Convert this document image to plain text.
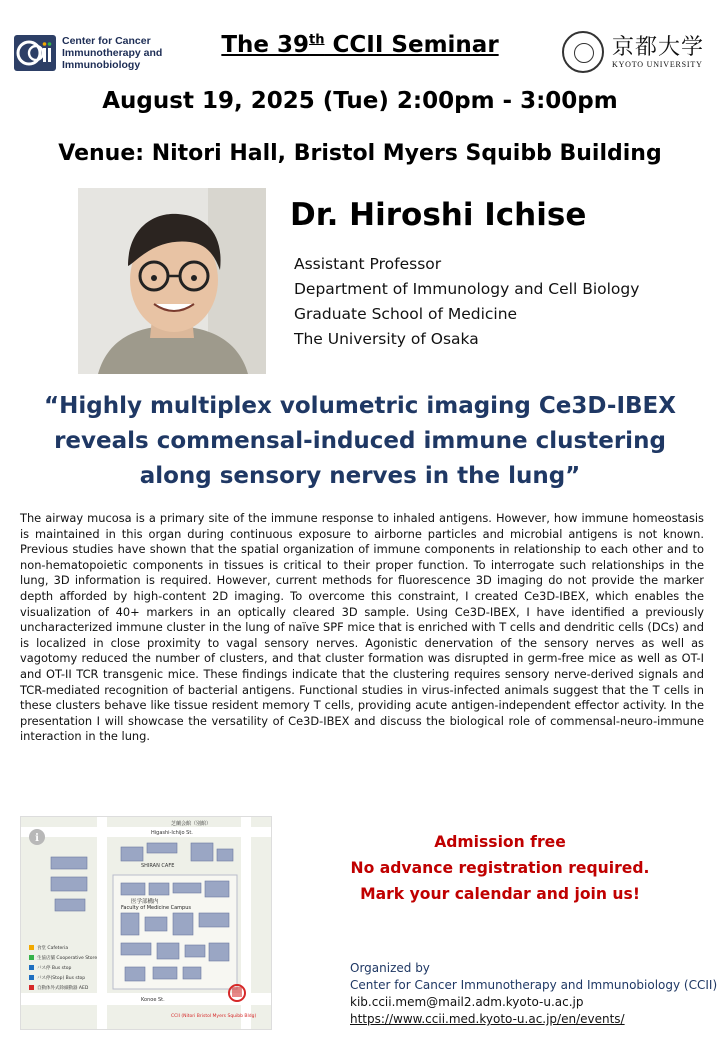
Center for Cancer
Immunotherapy and
Immunobiology
The 39th CCII Seminar	京都大学
KYOTO UNIVERSITY
August 19, 2025 (Tue) 2:00pm - 3:00pm
Venue: Nitori Hall, Bristol Myers Squibb Building
Dr. Hiroshi Ichise
Assistant Professor
Department of Immunology and Cell Biology
Graduate School of Medicine
The University of Osaka
“Highly multiplex volumetric imaging Ce3D-IBEX reveals commensal-induced immune clustering along sensory nerves in the lung”
The airway mucosa is a primary site of the immune response to inhaled antigens. However, how immune homeostasis is maintained in this organ during continuous exposure to airborne particles and microbial antigens is not known. Previous studies have shown that the spatial organization of immune components in relationship to each other and to non-hematopoietic components in tissues is critical to their proper function. To interrogate such relationships in the lung, 3D information is required. However, current methods for fluorescence 3D imaging do not provide the marker depth afforded by high-content 2D imaging. To overcome this constraint, I created Ce3D-IBEX, which enables the visualization of 40+ markers in an optically cleared 3D sample. Using Ce3D-IBEX, I have identified a previously uncharacterized immune cluster in the lung of naïve SPF mice that is enriched with T cells and dendritic cells (DCs) and is localized in close proximity to vagal sensory nerves. Agonistic denervation of the sensory nerves as well as vagotomy reduced the number of clusters, and that cluster formation was disrupted in germ-free mice as well as OT-I and OT-II TCR transgenic mice. These findings indicate that the clustering requires sensory nerve-derived signals and TCR-mediated recognition of bacterial antigens. Functional studies in virus-infected animals suggest that the T cells in these clusters behave like tissue resident memory T cells, providing acute antigen-independent effector activity. In the presentation I will showcase the versatility of Ce3D-IBEX and discuss the biological role of commensal-neuro-immune interaction in the lung.
i	Higashi-Ichijo St.
芝蘭会館（別館）
SHIRAN CAFE
医学部構内
Faculty of Medicine Campus
Konoe St.
CCII (Nitori Bristol Myers Squibb Bldg)
食堂 Cafeteria
生協店舗 Cooperative Store
バス停 Bus stop
バス停(Stop) Bus stop
自動体外式除細動器 AED
Admission free
No advance registration required.
Mark your calendar and join us!
Organized by
Center for Cancer Immunotherapy and Immunobiology (CCII)
kib.ccii.mem@mail2.adm.kyoto-u.ac.jp
https://www.ccii.med.kyoto-u.ac.jp/en/events/
